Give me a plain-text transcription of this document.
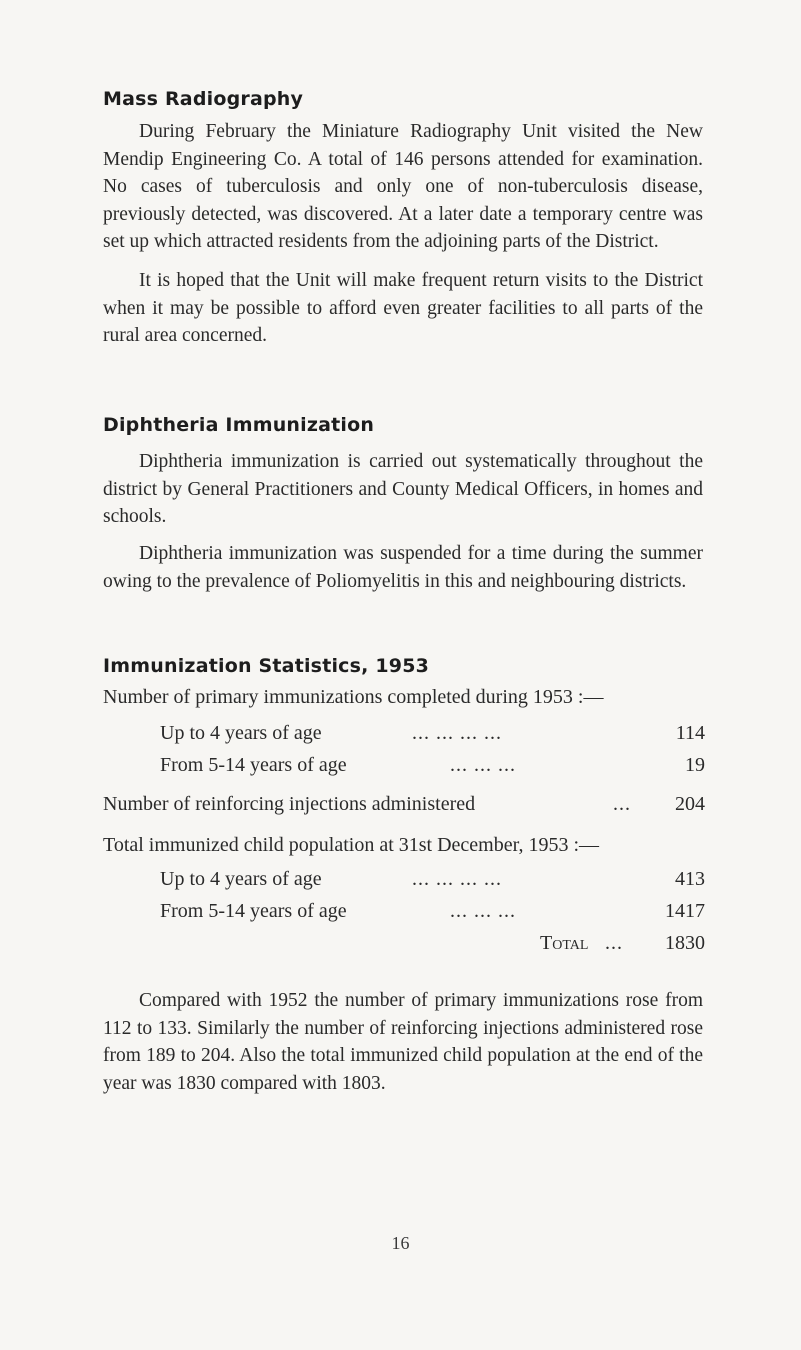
Mass Radiography

During February the Miniature Radiography Unit visited the New Mendip Engineering Co. A total of 146 persons attended for examination. No cases of tuberculosis and only one of non-tuberculosis disease, previously detected, was discovered. At a later date a temporary centre was set up which attracted residents from the adjoining parts of the District.

It is hoped that the Unit will make frequent return visits to the District when it may be possible to afford even greater facilities to all parts of the rural area concerned.

Diphtheria Immunization

Diphtheria immunization is carried out systematically throughout the district by General Practitioners and County Medical Officers, in homes and schools.

Diphtheria immunization was suspended for a time during the summer owing to the prevalence of Poliomyelitis in this and neighbouring districts.

Immunization Statistics, 1953

Number of primary immunizations completed during 1953 :—

Up to 4 years of age	... ... ... ...	114
From 5-14 years of age	... ... ...	19
Number of reinforcing injections administered	... 204

Total immunized child population at 31st December, 1953 :—

Up to 4 years of age	... ... ... ...	413
From 5-14 years of age	... ... ...	1417
Total ... 1830

Compared with 1952 the number of primary immunizations rose from 112 to 133. Similarly the number of reinforcing injections administered rose from 189 to 204. Also the total immunized child population at the end of the year was 1830 compared with 1803.

16
